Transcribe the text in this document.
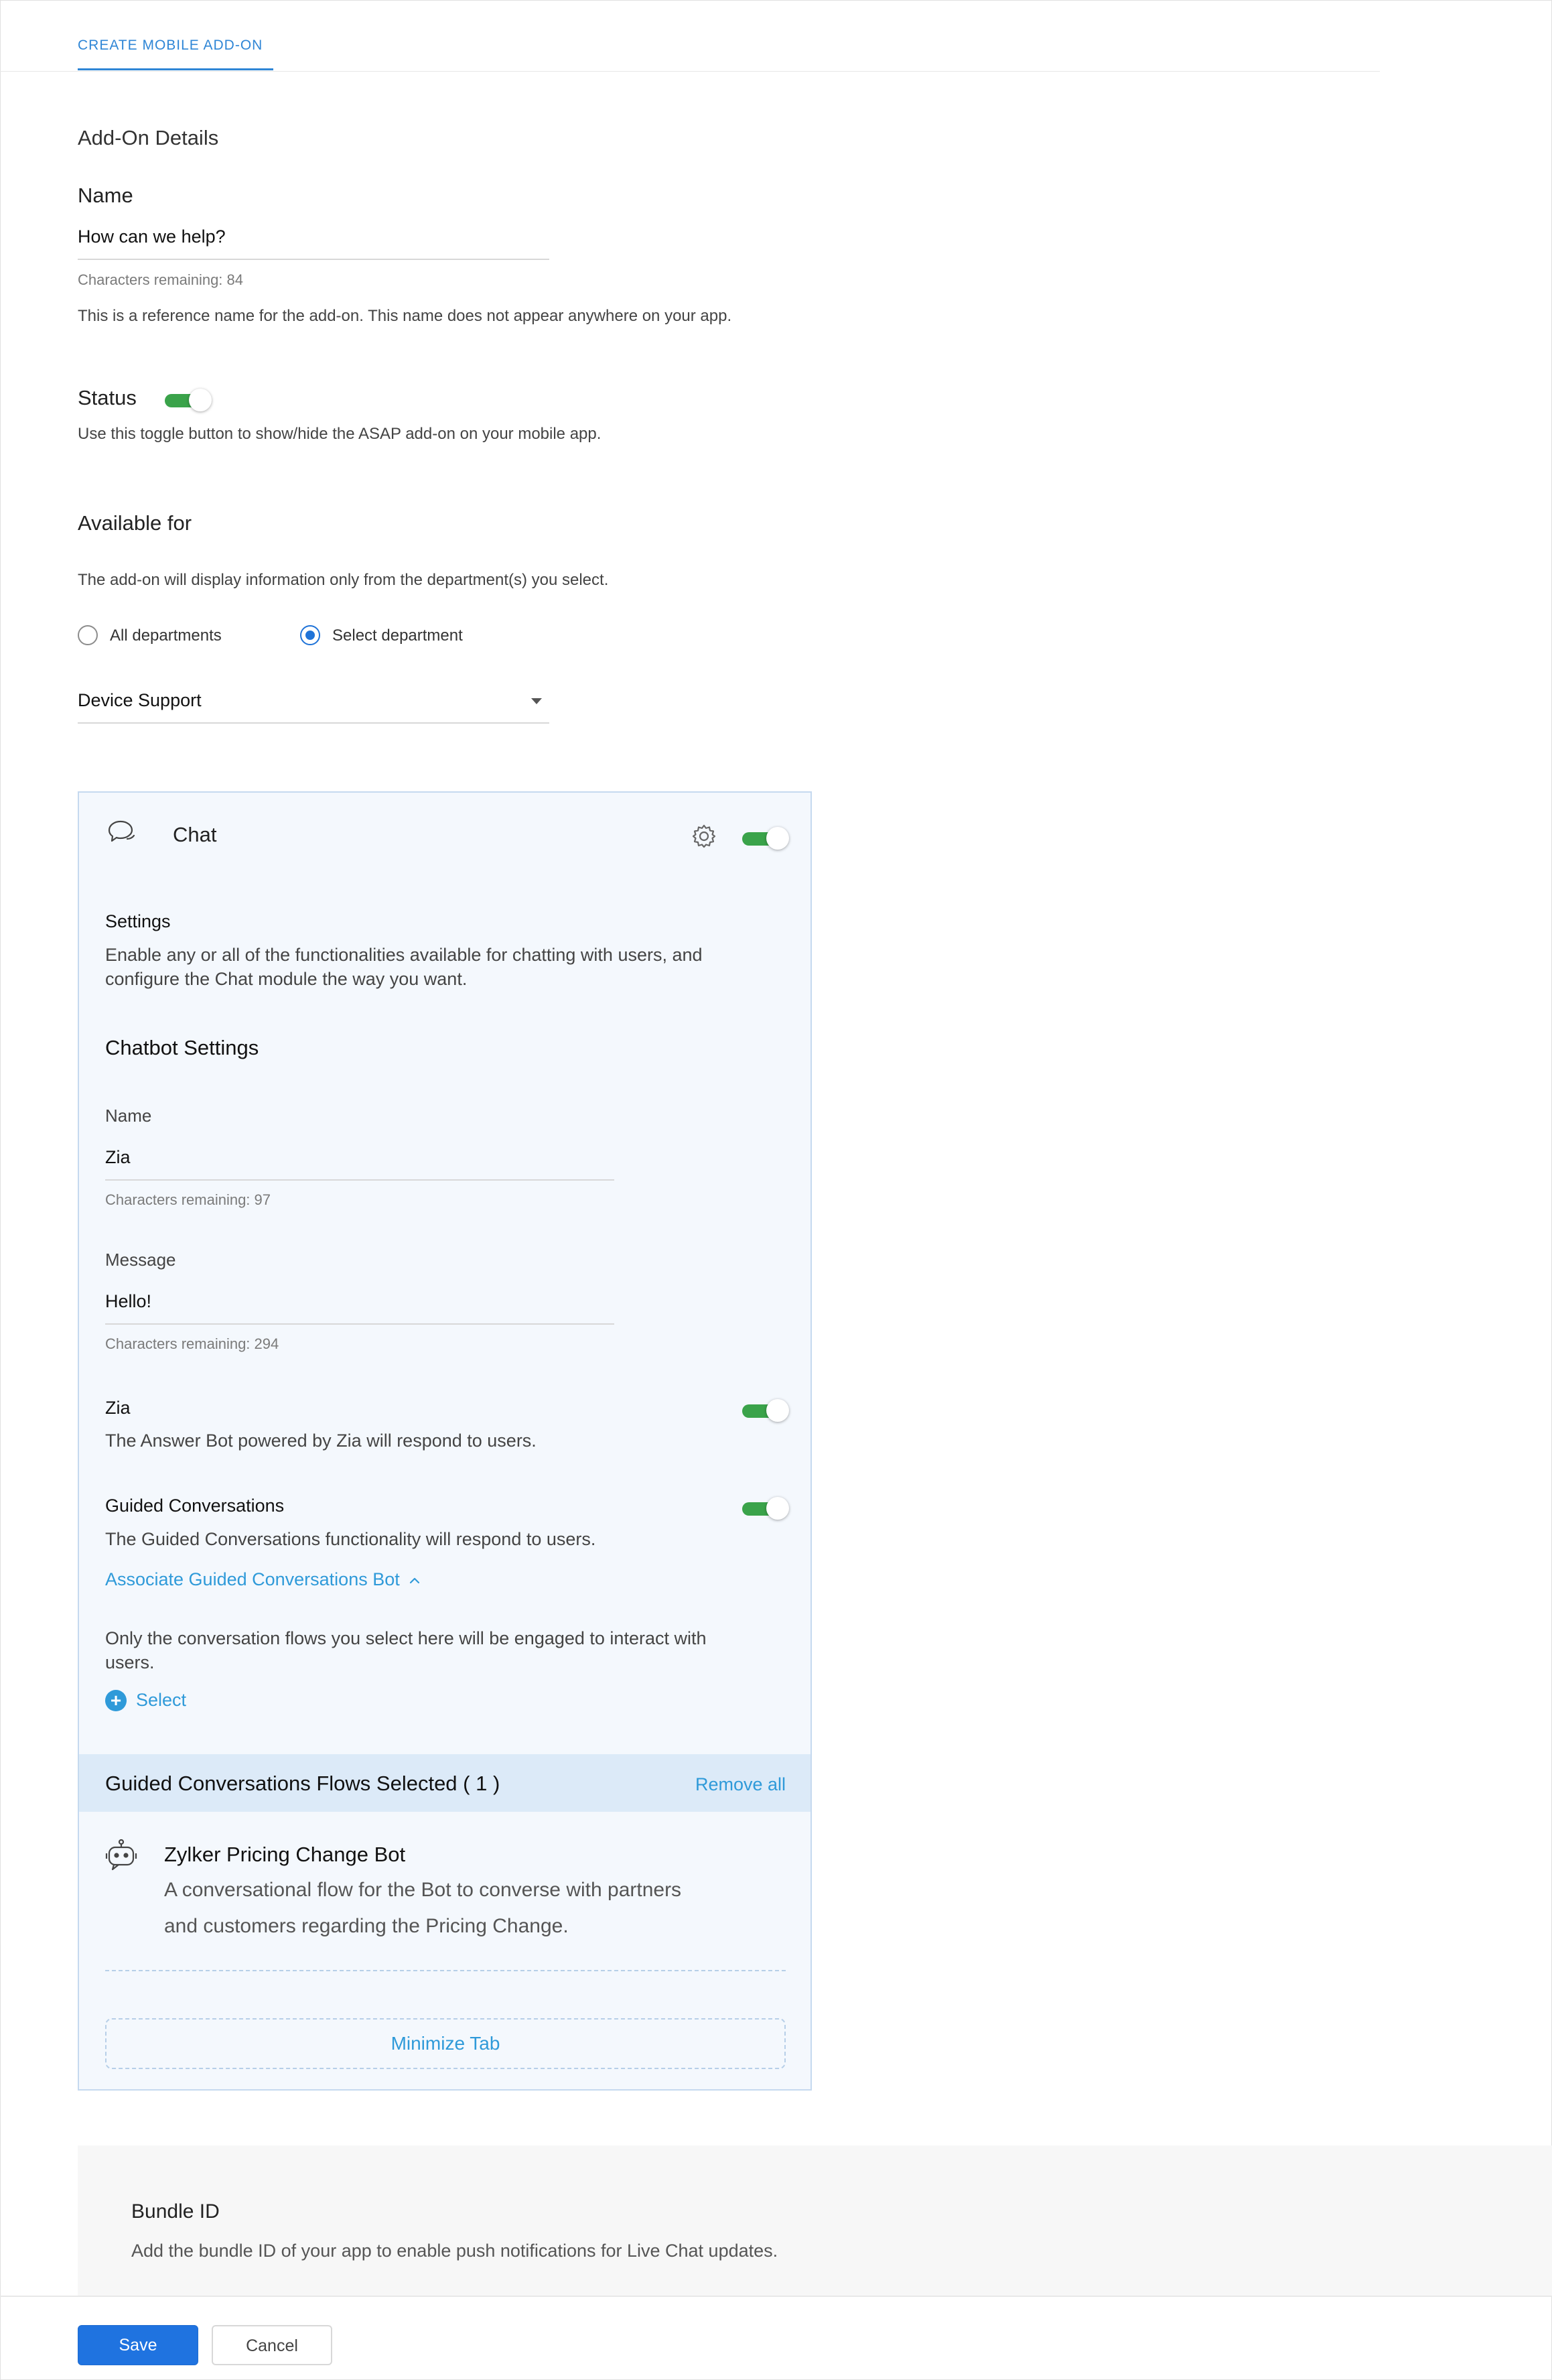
CREATE MOBILE ADD-ON
Add-On Details
Name
How can we help?
Characters remaining: 84
This is a reference name for the add-on. This name does not appear anywhere on your app.
Status
Use this toggle button to show/hide the ASAP add-on on your mobile app.
Available for
The add-on will display information only from the department(s) you select.
All departments	Select department
Device Support
Chat
Settings
Enable any or all of the functionalities available for chatting with users, and
configure the Chat module the way you want.
Chatbot Settings
Name
Zia
Characters remaining: 97
Message
Hello!
Characters remaining: 294
Zia
The Answer Bot powered by Zia will respond to users.
Guided Conversations
The Guided Conversations functionality will respond to users.
Associate Guided Conversations Bot
Only the conversation flows you select here will be engaged to interact with
users.
+ Select
Guided Conversations Flows Selected ( 1 )	Remove all
Zylker Pricing Change Bot
A conversational flow for the Bot to converse with partners
and customers regarding the Pricing Change.
Minimize Tab
Bundle ID
Add the bundle ID of your app to enable push notifications for Live Chat updates.
Save	Cancel
